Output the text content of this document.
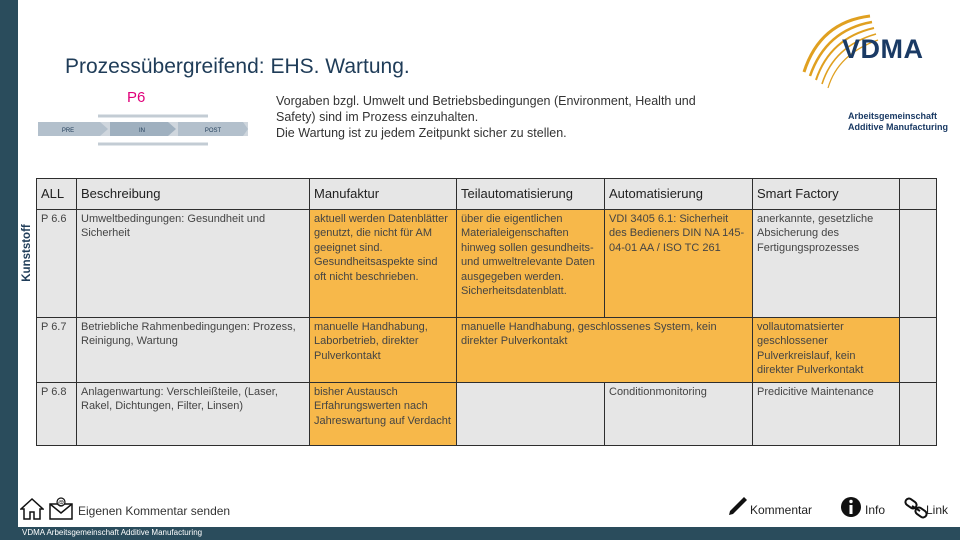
Prozessübergreifend: EHS. Wartung.
P6
PRE	IN	POST
Vorgaben bzgl. Umwelt und Betriebsbedingungen (Environment, Health und
Safety) sind im Prozess einzuhalten.
Die Wartung ist zu jedem Zeitpunkt sicher zu stellen.
VDMA
Arbeitsgemeinschaft
Additive Manufacturing
Kunststoff
ALL	Beschreibung	Manufaktur	Teilautomatisierung	Automatisierung	Smart Factory	
P 6.6	Umweltbedingungen: Gesundheit und Sicherheit	aktuell werden Datenblätter genutzt, die nicht für AM geeignet sind. Gesundheitsaspekte sind oft nicht beschrieben.	über die eigentlichen Materialeigenschaften hinweg sollen gesundheits- und umweltrelevante Daten ausgegeben werden. Sicherheitsdatenblatt.	VDI 3405 6.1: Sicherheit des Bedieners DIN NA 145-04-01 AA / ISO TC 261	anerkanntе, gesetzliche Absicherung des Fertigungsprozesses	
P 6.7	Betriebliche Rahmenbedingungen: Prozess, Reinigung, Wartung	manuelle Handhabung, Laborbetrieb, direkter Pulverkontakt	manuelle Handhabung, geschlossenes System, kein direkter Pulverkontakt		vollautomatsierter geschlossener Pulverkreislauf, kein direkter Pulverkontakt	
P 6.8	Anlagenwartung: Verschleißteile, (Laser, Rakel, Dichtungen, Filter, Linsen)	bisher Austausch Erfahrungswerten nach Jahreswartung auf Verdacht		Conditionmonitoring	Predicitive Maintenance	
@
Eigenen Kommentar senden	Kommentar	Info	Link
VDMA Arbeitsgemeinschaft Additive Manufacturing
